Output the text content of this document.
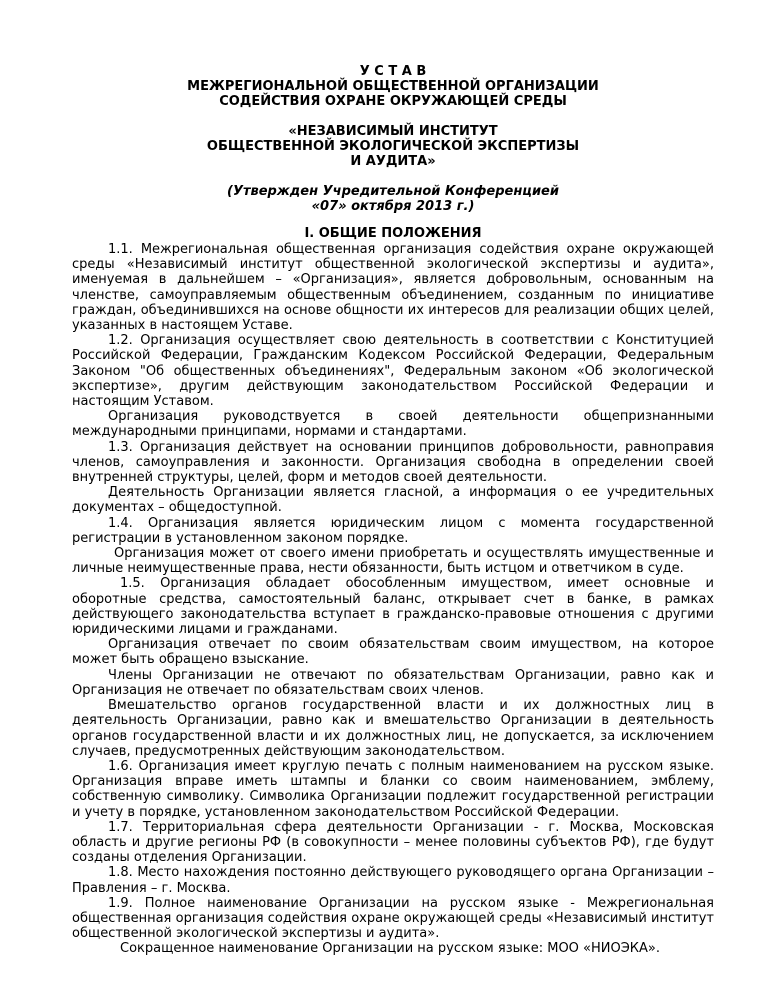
У С Т А В

МЕЖРЕГИОНАЛЬНОЙ ОБЩЕСТВЕННОЙ ОРГАНИЗАЦИИ

СОДЕЙСТВИЯ ОХРАНЕ ОКРУЖАЮЩЕЙ СРЕДЫ

«НЕЗАВИСИМЫЙ ИНСТИТУТ

ОБЩЕСТВЕННОЙ ЭКОЛОГИЧЕСКОЙ ЭКСПЕРТИЗЫ

И АУДИТА»

(Утвержден Учредительной Конференцией

«07» октября 2013 г.)

I. ОБЩИЕ ПОЛОЖЕНИЯ

1.1. Межрегиональная общественная организация содействия охране окружающей среды «Независимый институт общественной экологической экспертизы и аудита», именуемая в дальнейшем – «Организация», является добровольным, основанным на членстве, самоуправляемым общественным объединением, созданным по инициативе граждан, объединившихся на основе общности их интересов для реализации общих целей, указанных в настоящем Уставе.

1.2. Организация осуществляет свою деятельность в соответствии с Конституцией Российской Федерации, Гражданским Кодексом Российской Федерации, Федеральным Законом "Об общественных объединениях", Федеральным законом «Об экологической экспертизе», другим действующим законодательством Российской Федерации и настоящим Уставом.

Организация руководствуется в своей деятельности общепризнанными международными принципами, нормами и стандартами.

1.3. Организация действует на основании принципов добровольности, равноправия членов, самоуправления и законности. Организация свободна в определении своей внутренней структуры, целей, форм и методов своей деятельности.

Деятельность Организации является гласной, а информация о ее учредительных документах – общедоступной.

1.4. Организация является юридическим лицом с момента государственной регистрации в установленном законом порядке.

Организация может от своего имени приобретать и осуществлять имущественные и личные неимущественные права, нести обязанности, быть истцом и ответчиком в суде.

1.5. Организация обладает обособленным имуществом, имеет основные и оборотные средства, самостоятельный баланс, открывает счет в банке, в рамках действующего законодательства вступает в гражданско-правовые отношения с другими юридическими лицами и гражданами.

Организация отвечает по своим обязательствам своим имуществом, на которое может быть обращено взыскание.

Члены Организации не отвечают по обязательствам Организации, равно как и Организация не отвечает по обязательствам своих членов.

Вмешательство органов государственной власти и их должностных лиц в деятельность Организации, равно как и вмешательство Организации в деятельность органов государственной власти и их должностных лиц, не допускается, за исключением случаев, предусмотренных действующим законодательством.

1.6. Организация имеет круглую печать с полным наименованием на русском языке. Организация вправе иметь штампы и бланки со своим наименованием, эмблему, собственную символику. Символика Организации подлежит государственной регистрации и учету в порядке, установленном законодательством Российской Федерации.

1.7. Территориальная сфера деятельности Организации - г. Москва, Московская область и другие регионы РФ (в совокупности – менее половины субъектов РФ), где будут созданы отделения Организации.

1.8. Место нахождения постоянно действующего руководящего органа Организации – Правления – г. Москва.

1.9. Полное наименование Организации на русском языке - Межрегиональная общественная организация содействия охране окружающей среды «Независимый институт общественной экологической экспертизы и аудита».

Сокращенное наименование Организации на русском языке: МОО «НИОЭКА».
